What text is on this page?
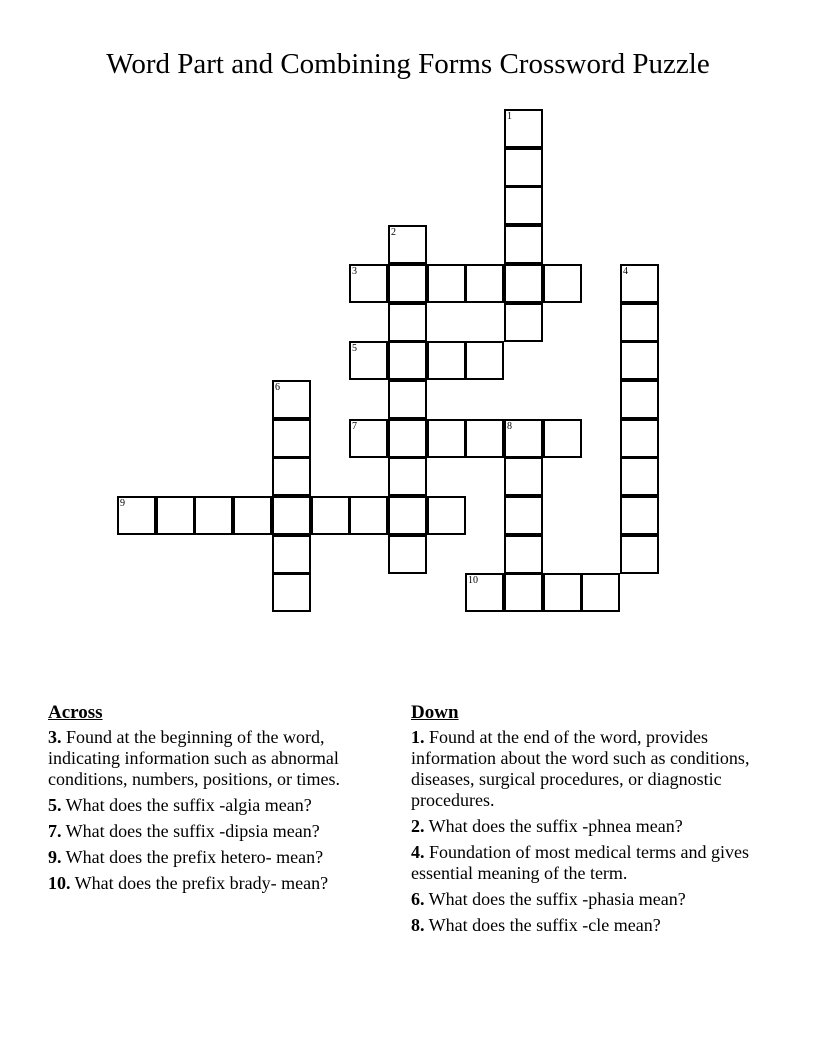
Word Part and Combining Forms Crossword Puzzle
1
2
3	4
5
6
7	8
9
10
Across
3. Found at the beginning of the word, indicating information such as abnormal conditions, numbers, positions, or times.
5. What does the suffix -algia mean?
7. What does the suffix -dipsia mean?
9. What does the prefix hetero- mean?
10. What does the prefix brady- mean?
Down
1. Found at the end of the word, provides information about the word such as conditions, diseases, surgical procedures, or diagnostic procedures.
2. What does the suffix -phnea mean?
4. Foundation of most medical terms and gives essential meaning of the term.
6. What does the suffix -phasia mean?
8. What does the suffix -cle mean?
